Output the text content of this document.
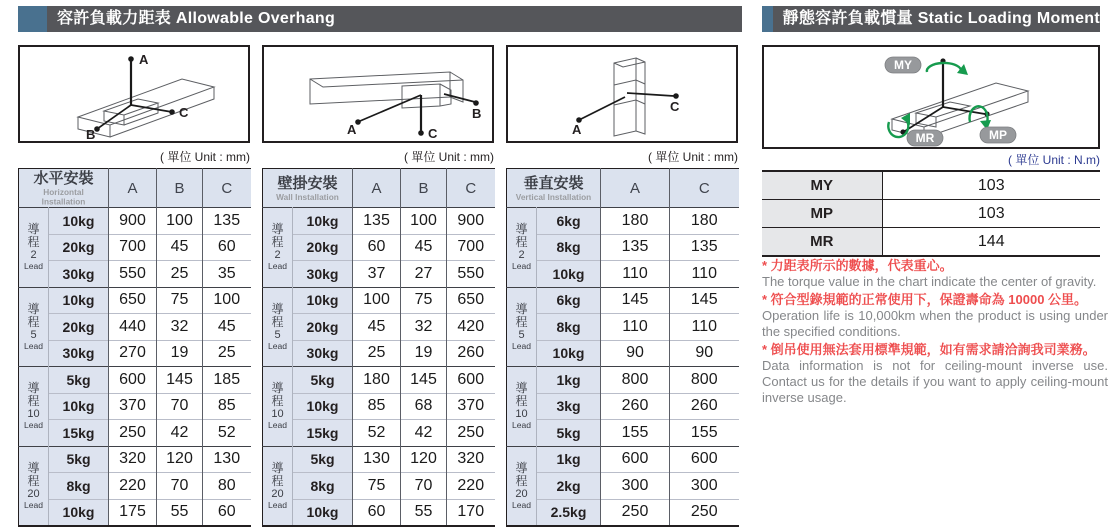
容許負載力距表 Allowable Overhang	靜態容許負載慣量 Static Loading Moment
A
B
C
A
B
C	A
C
MY
MP
MR
( 單位 Unit : mm)	( 單位 Unit : mm)	( 單位 Unit : mm)	( 單位 Unit : N.m)
水平安裝
Horizontal Installation		A	B	C

導程
2
Lead	10kg	900	100	135
	20kg	700	45	60
	30kg	550	25	35

導程
5
Lead	10kg	650	75	100
	20kg	440	32	45
	30kg	270	19	25

導程
10
Lead	5kg	600	145	185
	10kg	370	70	85
	15kg	250	42	52

導程
20
Lead	5kg	320	120	130
	8kg	220	70	80
	10kg	175	55	60
壁掛安裝
Wall Installation		A	B	C

導程
2
Lead	10kg	135	100	900
	20kg	60	45	700
	30kg	37	27	550

導程
5
Lead	10kg	100	75	650
	20kg	45	32	420
	30kg	25	19	260

導程
10
Lead	5kg	180	145	600
	10kg	85	68	370
	15kg	52	42	250

導程
20
Lead	5kg	130	120	320
	8kg	75	70	220
	10kg	60	55	170
垂直安裝
Vertical Installation		A	C

導程
2
Lead	6kg	180	180
	8kg	135	135
	10kg	110	110

導程
5
Lead	6kg	145	145
	8kg	110	110
	10kg	90	90

導程
10
Lead	1kg	800	800
	3kg	260	260
	5kg	155	155

導程
20
Lead	1kg	600	600
	2kg	300	300
	2.5kg	250	250
MY	103
MP	103
MR	144

* 力距表所示的數據，代表重心。

The torque value in the chart indicate the center of gravity.

* 符合型錄規範的正常使用下，保證壽命為 10000 公里。

Operation life is 10,000km when the product is using under the specified conditions.

* 倒吊使用無法套用標準規範，如有需求請洽詢我司業務。

Data information is not for ceiling-mount inverse use. Contact us for the details if you want to apply ceiling-mount inverse usage.
